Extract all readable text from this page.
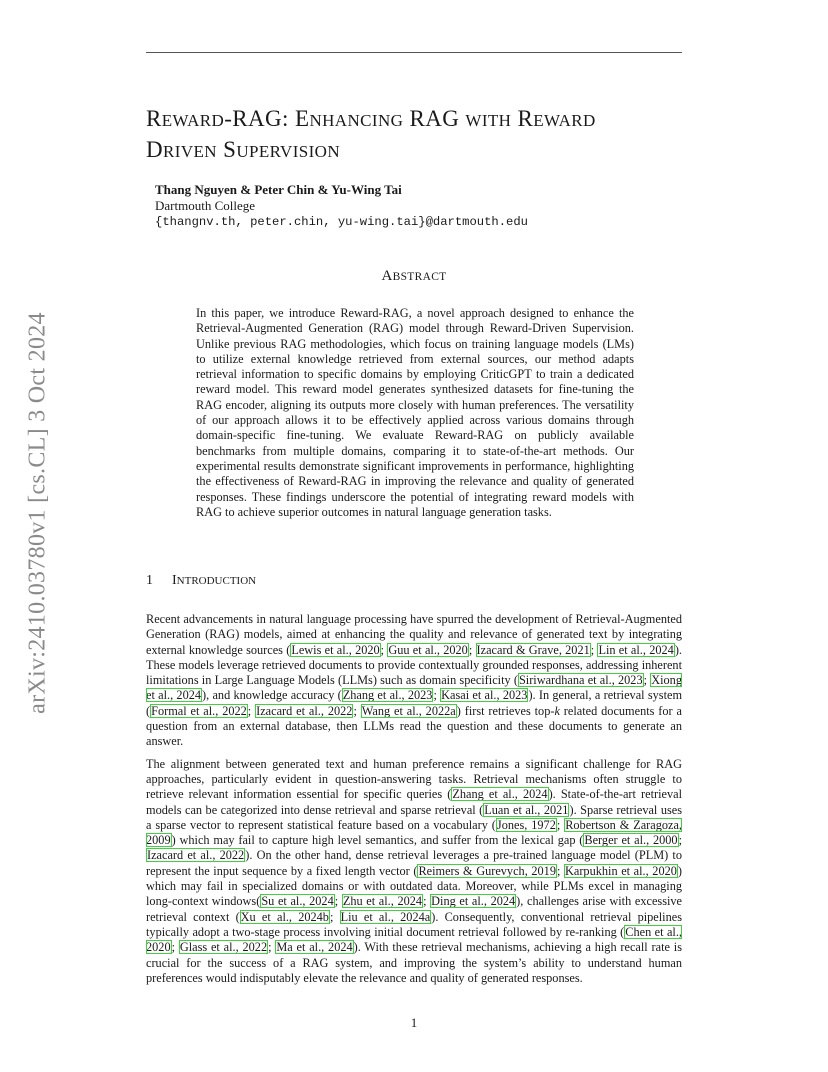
arXiv:2410.03780v1 [cs.CL] 3 Oct 2024
REWARD-RAG: ENHANCING RAG WITH REWARD
DRIVEN SUPERVISION
Thang Nguyen & Peter Chin & Yu-Wing Tai
Dartmouth College
{thangnv.th, peter.chin, yu-wing.tai}@dartmouth.edu
ABSTRACT
In this paper, we introduce Reward-RAG, a novel approach designed to enhance the Retrieval-Augmented Generation (RAG) model through Reward-Driven Supervision. Unlike previous RAG methodologies, which focus on training language models (LMs) to utilize external knowledge retrieved from external sources, our method adapts retrieval information to specific domains by employing CriticGPT to train a dedicated reward model. This reward model generates synthesized datasets for fine-tuning the RAG encoder, aligning its outputs more closely with human preferences. The versatility of our approach allows it to be effectively applied across various domains through domain-specific fine-tuning. We evaluate Reward-RAG on publicly available benchmarks from multiple domains, comparing it to state-of-the-art methods. Our experimental results demonstrate significant improvements in performance, highlighting the effectiveness of Reward-RAG in improving the relevance and quality of generated responses. These findings underscore the potential of integrating reward models with RAG to achieve superior outcomes in natural language generation tasks.
1 INTRODUCTION

Recent advancements in natural language processing have spurred the development of Retrieval-Augmented Generation (RAG) models, aimed at enhancing the quality and relevance of generated text by integrating external knowledge sources (Lewis et al., 2020; Guu et al., 2020; Izacard & Grave, 2021; Lin et al., 2024). These models leverage retrieved documents to provide contextually grounded responses, addressing inherent limitations in Large Language Models (LLMs) such as domain specificity (Siriwardhana et al., 2023; Xiong et al., 2024), and knowledge accuracy (Zhang et al., 2023; Kasai et al., 2023). In general, a retrieval system (Formal et al., 2022; Izacard et al., 2022; Wang et al., 2022a) first retrieves top-k related documents for a question from an external database, then LLMs read the question and these documents to generate an answer.

The alignment between generated text and human preference remains a significant challenge for RAG approaches, particularly evident in question-answering tasks. Retrieval mechanisms often struggle to retrieve relevant information essential for specific queries (Zhang et al., 2024). State-of-the-art retrieval models can be categorized into dense retrieval and sparse retrieval (Luan et al., 2021). Sparse retrieval uses a sparse vector to represent statistical feature based on a vocabulary (Jones, 1972; Robertson & Zaragoza, 2009) which may fail to capture high level semantics, and suffer from the lexical gap (Berger et al., 2000; Izacard et al., 2022). On the other hand, dense retrieval leverages a pre-trained language model (PLM) to represent the input sequence by a fixed length vector (Reimers & Gurevych, 2019; Karpukhin et al., 2020) which may fail in specialized domains or with outdated data. Moreover, while PLMs excel in managing long-context windows(Su et al., 2024; Zhu et al., 2024; Ding et al., 2024), challenges arise with excessive retrieval context (Xu et al., 2024b; Liu et al., 2024a). Consequently, conventional retrieval pipelines typically adopt a two-stage process involving initial document retrieval followed by re-ranking (Chen et al., 2020; Glass et al., 2022; Ma et al., 2024). With these retrieval mechanisms, achieving a high recall rate is crucial for the success of a RAG system, and improving the system’s ability to understand human preferences would indisputably elevate the relevance and quality of generated responses.

1
